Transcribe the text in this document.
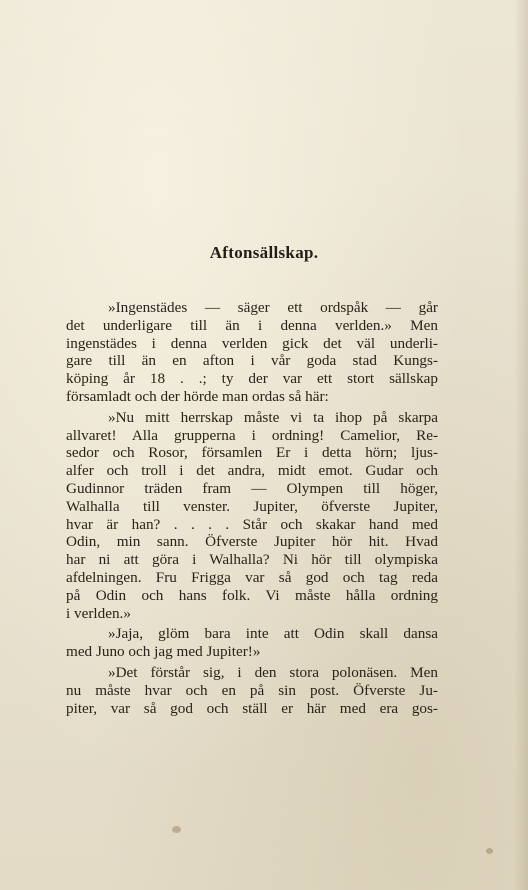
Aftonsällskap.
»Ingenstädes — säger ett ordspåk — går
det underligare till än i denna verlden.» Men
ingenstädes i denna verlden gick det väl underli-
gare till än en afton i vår goda stad Kungs-
köping år 18 . .; ty der var ett stort sällskap
församladt och der hörde man ordas så här:
»Nu mitt herrskap måste vi ta ihop på skarpa
allvaret! Alla grupperna i ordning! Camelior, Re-
sedor och Rosor, församlen Er i detta hörn; ljus-
alfer och troll i det andra, midt emot. Gudar och
Gudinnor träden fram — Olympen till höger,
Walhalla till venster. Jupiter, öfverste Jupiter,
hvar är han? . . . . Står och skakar hand med
Odin, min sann. Öfverste Jupiter hör hit. Hvad
har ni att göra i Walhalla? Ni hör till olympiska
afdelningen. Fru Frigga var så god och tag reda
på Odin och hans folk. Vi måste hålla ordning
i verlden.»
»Jaja, glöm bara inte att Odin skall dansa
med Juno och jag med Jupiter!»
»Det förstår sig, i den stora polonäsen. Men
nu måste hvar och en på sin post. Öfverste Ju-
piter, var så god och ställ er här med era gos-
